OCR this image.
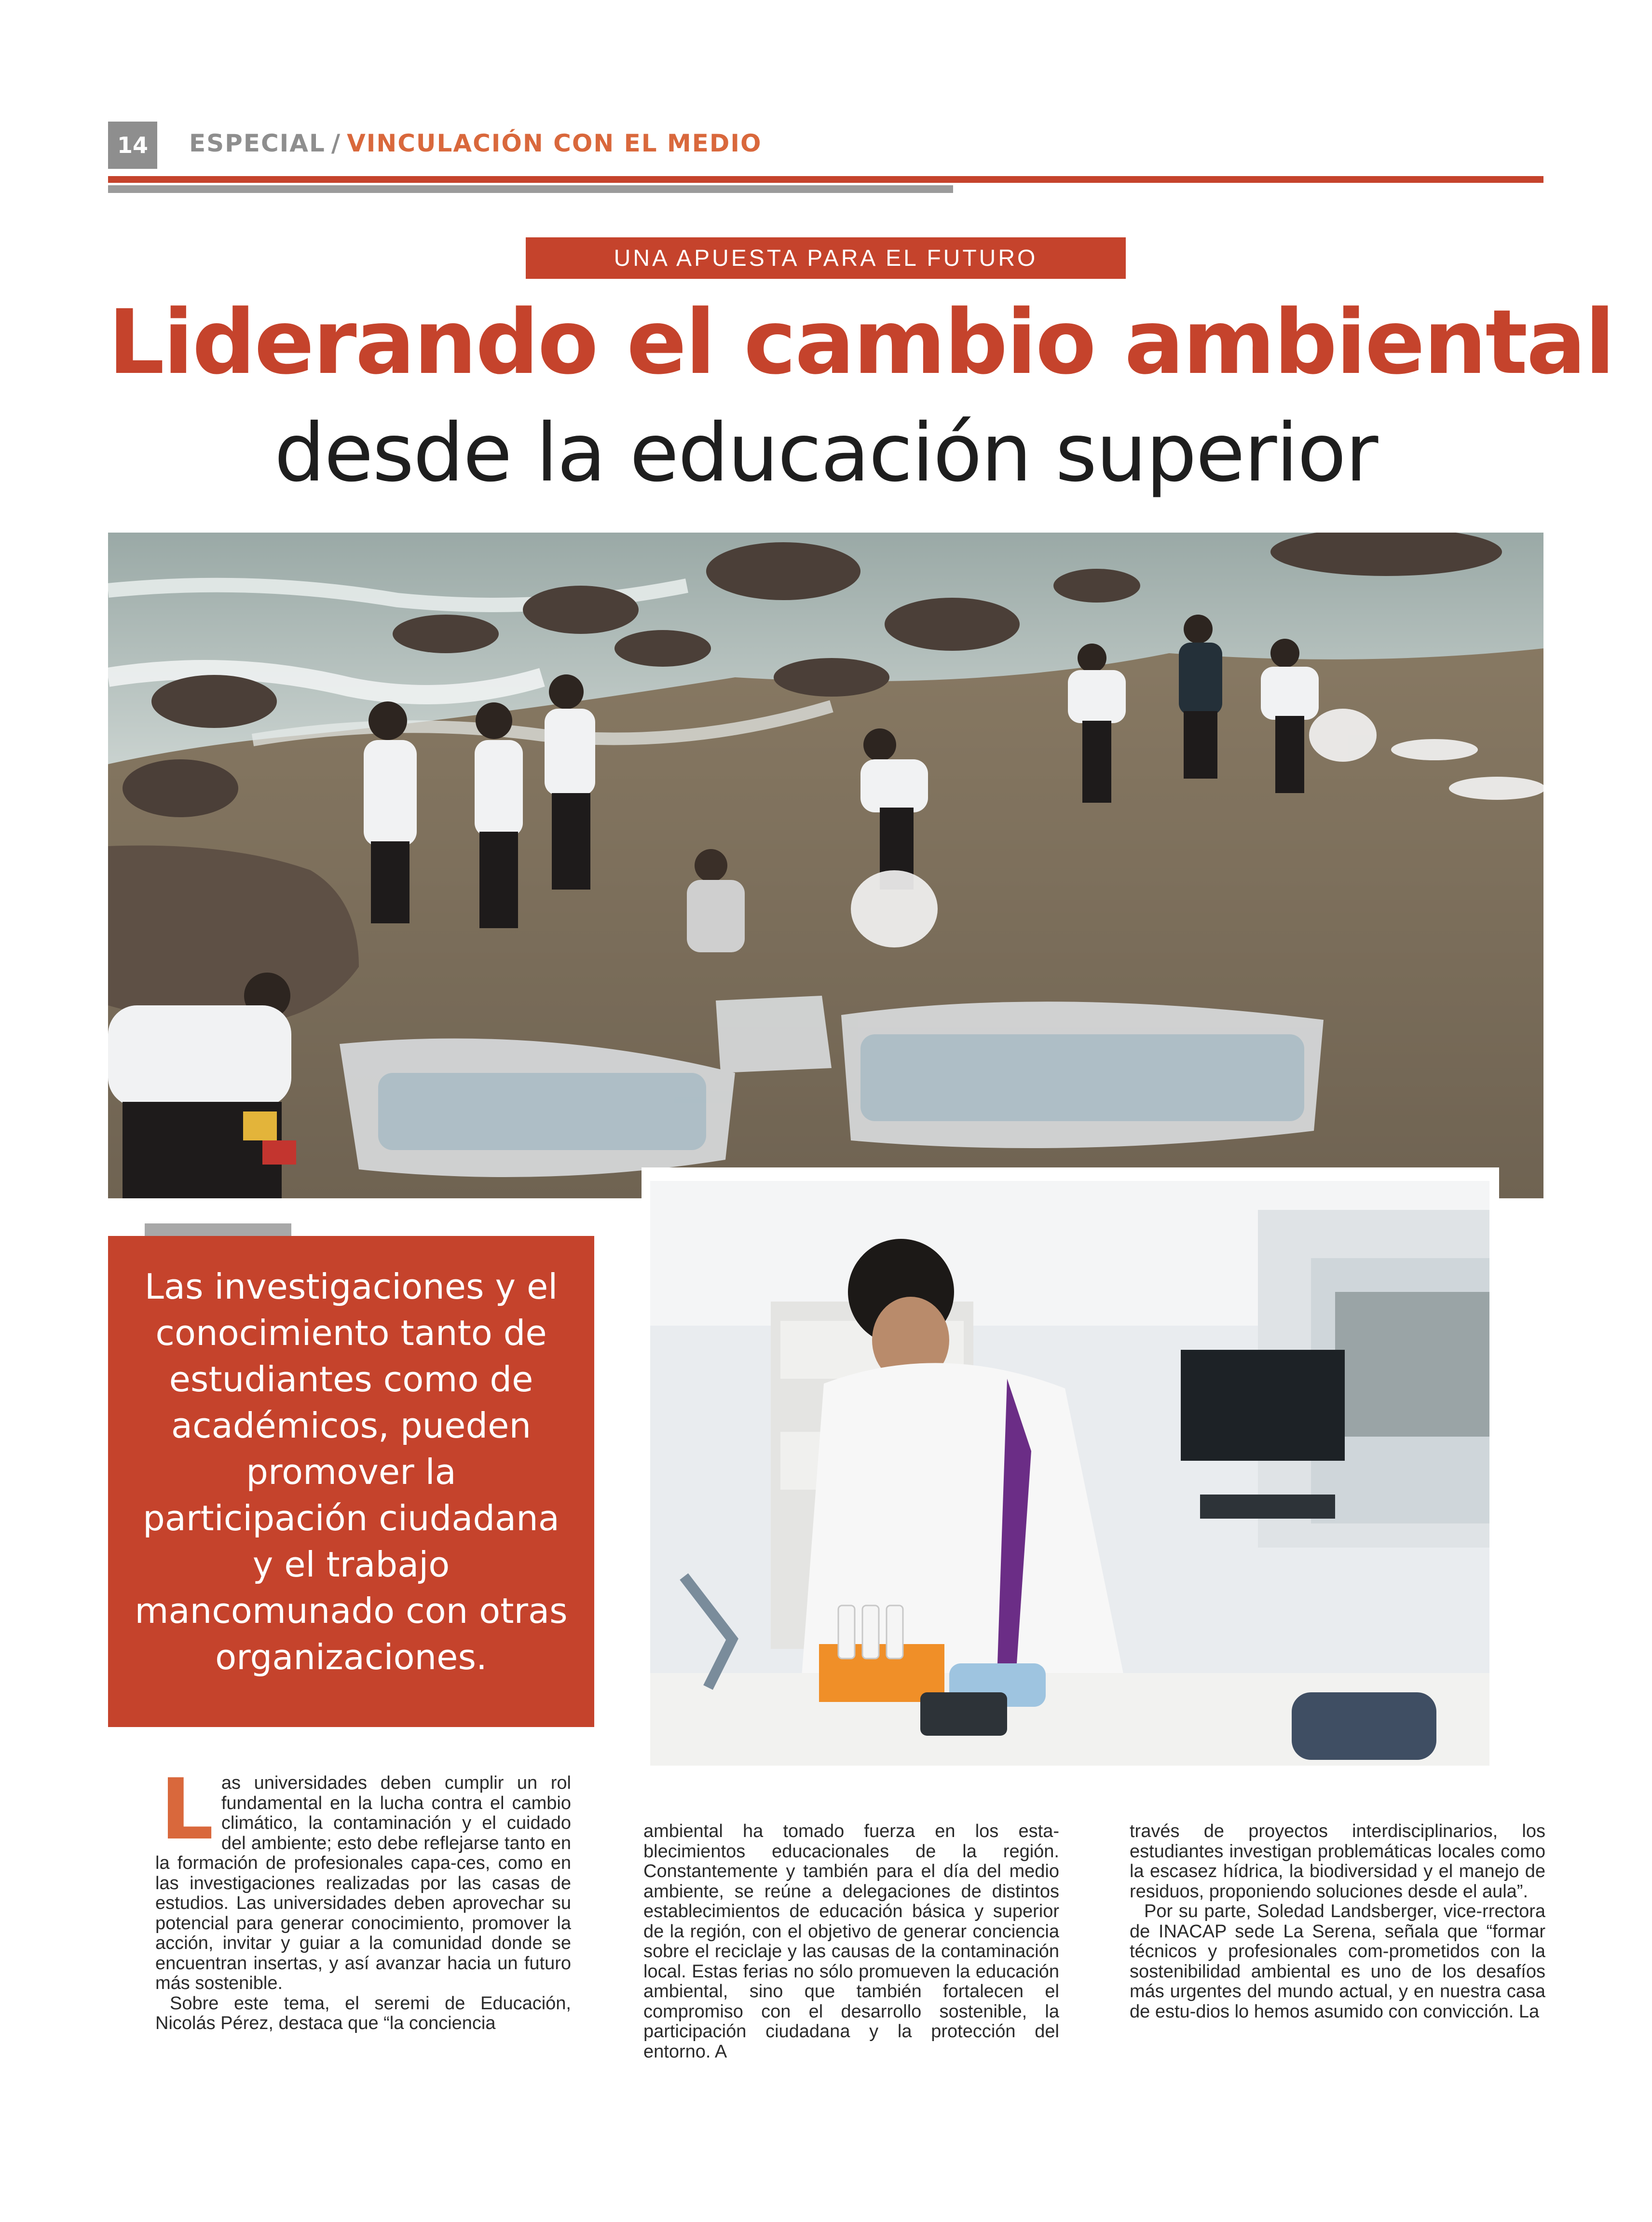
14	ESPECIAL / VINCULACIÓN CON EL MEDIO
UNA APUESTA PARA EL FUTURO
Liderando el cambio ambiental
desde la educación superior
Las investigaciones y el conocimiento tanto de estudiantes como de académicos, pueden promover la participación ciudadana y el trabajo mancomunado con otras organizaciones.
L as universidades deben cumplir un rol fundamental en la lucha contra el cambio climático, la contaminación y el cuidado del ambiente; esto debe reflejarse tanto en la formación de profesionales capa-ces, como en las investigaciones realizadas por las casas de estudios. Las universidades deben aprovechar su potencial para generar conocimiento, promover la acción, invitar y guiar a la comunidad donde se encuentran insertas, y así avanzar hacia un futuro más sostenible.

Sobre este tema, el seremi de Educación, Nicolás Pérez, destaca que “la conciencia

ambiental ha tomado fuerza en los esta-blecimientos educacionales de la región. Constantemente y también para el día del medio ambiente, se reúne a delegaciones de distintos establecimientos de educación básica y superior de la región, con el objetivo de generar conciencia sobre el reciclaje y las causas de la contaminación local. Estas ferias no sólo promueven la educación ambiental, sino que también fortalecen el compromiso con el desarrollo sostenible, la participación ciudadana y la protección del entorno. A

través de proyectos interdisciplinarios, los estudiantes investigan problemáticas locales como la escasez hídrica, la biodiversidad y el manejo de residuos, proponiendo soluciones desde el aula”.

Por su parte, Soledad Landsberger, vice-rrectora de INACAP sede La Serena, señala que “formar técnicos y profesionales com-prometidos con la sostenibilidad ambiental es uno de los desafíos más urgentes del mundo actual, y en nuestra casa de estu-dios lo hemos asumido con convicción. La
